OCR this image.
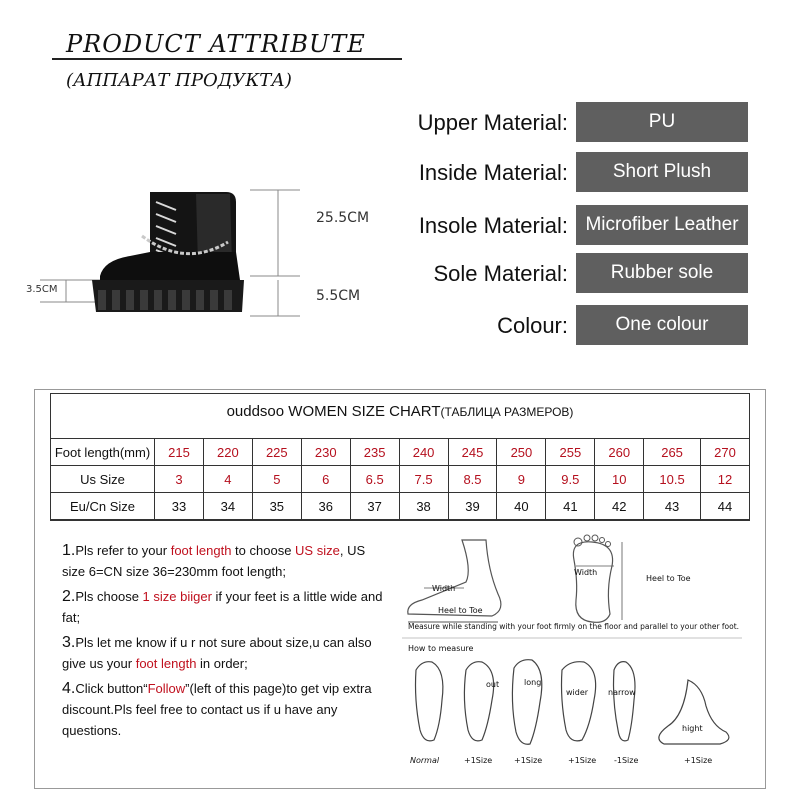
PRODUCT ATTRIBUTE
(АППАРАТ ПРОДУКТА)
25.5CM
5.5CM
3.5CM
Upper Material:	PU
Inside Material:	Short Plush
Insole Material: Microfiber Leather
Sole Material:	Rubber sole
Colour:	One colour
ouddsoo WOMEN SIZE CHART(ТАБЛИЦА РАЗМЕРОВ)
Foot length(mm)	215	220	225	230	235	240	245	250	255	260	265	270
Us Size	3	4	5	6	6.5	7.5	8.5	9	9.5	10	10.5	12
Eu/Cn Size	33	34	35	36	37	38	39	40	41	42	43	44
1.Pls refer to your foot length to choose US size, US size 6=CN size 36=230mm foot length;
2.Pls choose 1 size biiger if your feet is a little wide and fat;
3.Pls let me know if u r not sure about size,u can also give us your foot length in order;
4.Click button“Follow”(left of this page)to get vip extra discount.Pls feel free to contact us if u have any questions.
Width
Heel to Toe
Width
Heel to Toe
Measure while standing with your foot firmly on the floor and parallel to your other foot.
How to measure
out	long
wider narrow
hight
Normal	+1Size	+1Size	+1Size -1Size	+1Size
